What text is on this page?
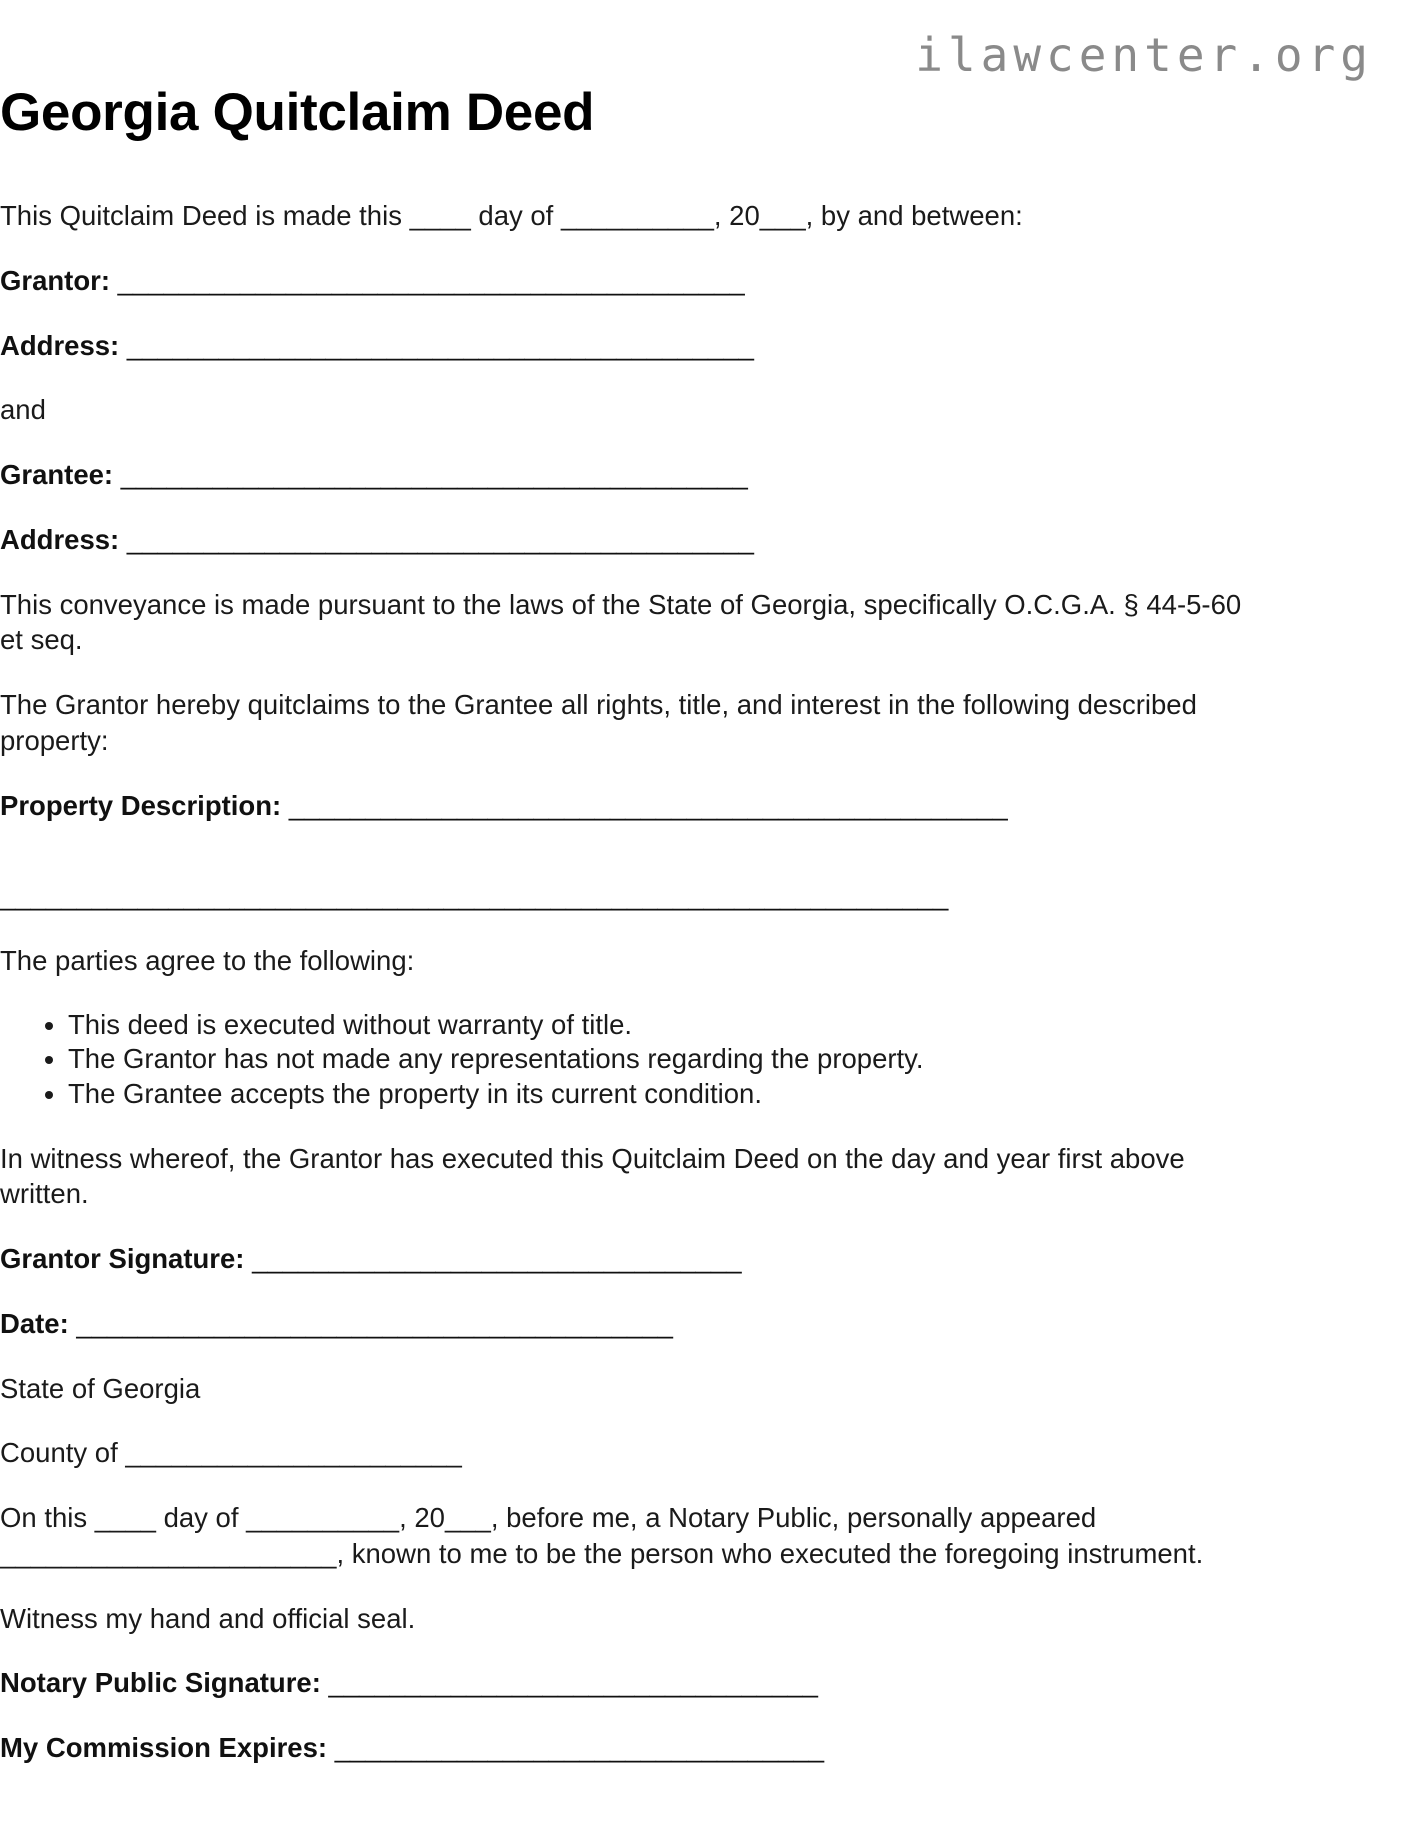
ilawcenter.org
Georgia Quitclaim Deed

This Quitclaim Deed is made this ____ day of __________, 20___, by and between:

Grantor: _________________________________________

Address: _________________________________________

and

Grantee: _________________________________________

Address: _________________________________________

This conveyance is made pursuant to the laws of the State of Georgia, specifically O.C.G.A. § 44-5-60 et seq.

The Grantor hereby quitclaims to the Grantee all rights, title, and interest in the following described property:

Property Description: _______________________________________________

______________________________________________________________

The parties agree to the following:

• This deed is executed without warranty of title.
• The Grantor has not made any representations regarding the property.
• The Grantee accepts the property in its current condition.

In witness whereof, the Grantor has executed this Quitclaim Deed on the day and year first above written.

Grantor Signature: ________________________________

Date: _______________________________________

State of Georgia

County of ______________________

On this ____ day of __________, 20___, before me, a Notary Public, personally appeared ______________________, known to me to be the person who executed the foregoing instrument.

Witness my hand and official seal.

Notary Public Signature: ________________________________

My Commission Expires: ________________________________
